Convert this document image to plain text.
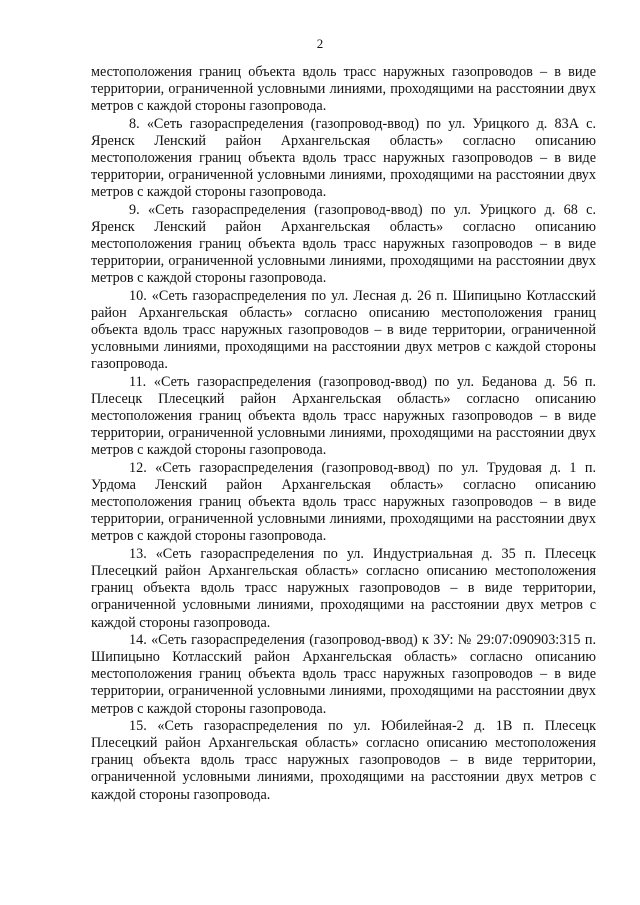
2

местоположения границ объекта вдоль трасс наружных газопроводов – в виде территории, ограниченной условными линиями, проходящими на расстоянии двух метров с каждой стороны газопровода.

8. «Сеть газораспределения (газопровод-ввод) по ул. Урицкого д. 83А с. Яренск Ленский район Архангельская область» согласно описанию местоположения границ объекта вдоль трасс наружных газопроводов – в виде территории, ограниченной условными линиями, проходящими на расстоянии двух метров с каждой стороны газопровода.

9. «Сеть газораспределения (газопровод-ввод) по ул. Урицкого д. 68 с. Яренск Ленский район Архангельская область» согласно описанию местоположения границ объекта вдоль трасс наружных газопроводов – в виде территории, ограниченной условными линиями, проходящими на расстоянии двух метров с каждой стороны газопровода.

10. «Сеть газораспределения по ул. Лесная д. 26 п. Шипицыно Котласский район Архангельская область» согласно описанию местоположения границ объекта вдоль трасс наружных газопроводов – в виде территории, ограниченной условными линиями, проходящими на расстоянии двух метров с каждой стороны газопровода.

11. «Сеть газораспределения (газопровод-ввод) по ул. Беданова д. 56 п. Плесецк Плесецкий район Архангельская область» согласно описанию местоположения границ объекта вдоль трасс наружных газопроводов – в виде территории, ограниченной условными линиями, проходящими на расстоянии двух метров с каждой стороны газопровода.

12. «Сеть газораспределения (газопровод-ввод) по ул. Трудовая д. 1 п. Урдома Ленский район Архангельская область» согласно описанию местоположения границ объекта вдоль трасс наружных газопроводов – в виде территории, ограниченной условными линиями, проходящими на расстоянии двух метров с каждой стороны газопровода.

13. «Сеть газораспределения по ул. Индустриальная д. 35 п. Плесецк Плесецкий район Архангельская область» согласно описанию местоположения границ объекта вдоль трасс наружных газопроводов – в виде территории, ограниченной условными линиями, проходящими на расстоянии двух метров с каждой стороны газопровода.

14. «Сеть газораспределения (газопровод-ввод) к ЗУ: № 29:07:090903:315 п. Шипицыно Котласский район Архангельская область» согласно описанию местоположения границ объекта вдоль трасс наружных газопроводов – в виде территории, ограниченной условными линиями, проходящими на расстоянии двух метров с каждой стороны газопровода.

15. «Сеть газораспределения по ул. Юбилейная-2 д. 1В п. Плесецк Плесецкий район Архангельская область» согласно описанию местоположения границ объекта вдоль трасс наружных газопроводов – в виде территории, ограниченной условными линиями, проходящими на расстоянии двух метров с каждой стороны газопровода.
